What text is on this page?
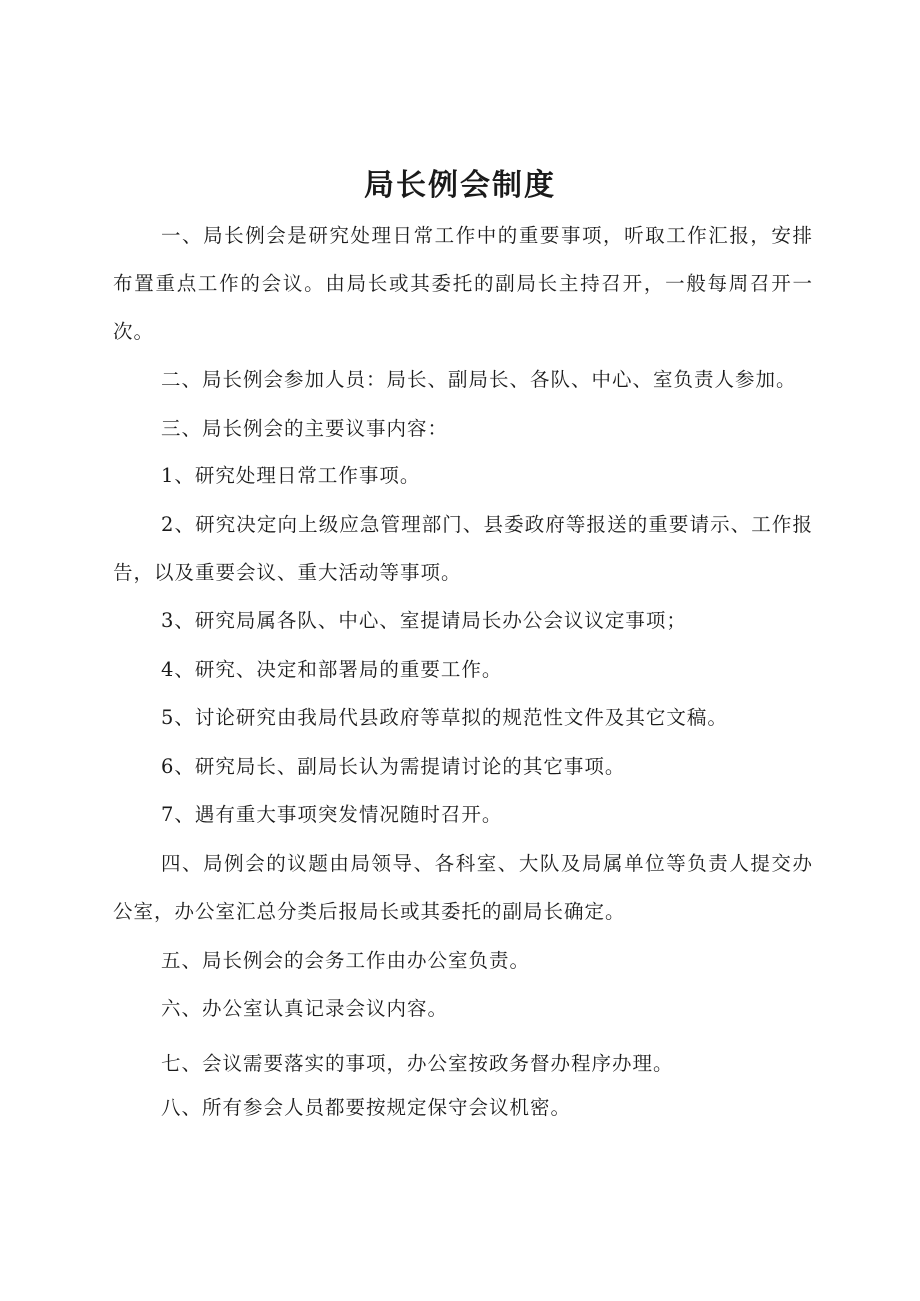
局长例会制度

一、局长例会是研究处理日常工作中的重要事项，听取工作汇报，安排布置重点工作的会议。由局长或其委托的副局长主持召开，一般每周召开一次。

二、局长例会参加人员：局长、副局长、各队、中心、室负责人参加。

三、局长例会的主要议事内容：

1、研究处理日常工作事项。

2、研究决定向上级应急管理部门、县委政府等报送的重要请示、工作报告，以及重要会议、重大活动等事项。

3、研究局属各队、中心、室提请局长办公会议议定事项；

4、研究、决定和部署局的重要工作。

5、讨论研究由我局代县政府等草拟的规范性文件及其它文稿。

6、研究局长、副局长认为需提请讨论的其它事项。

7、遇有重大事项突发情况随时召开。

四、局例会的议题由局领导、各科室、大队及局属单位等负责人提交办公室，办公室汇总分类后报局长或其委托的副局长确定。

五、局长例会的会务工作由办公室负责。

六、办公室认真记录会议内容。

七、会议需要落实的事项，办公室按政务督办程序办理。

八、所有参会人员都要按规定保守会议机密。
